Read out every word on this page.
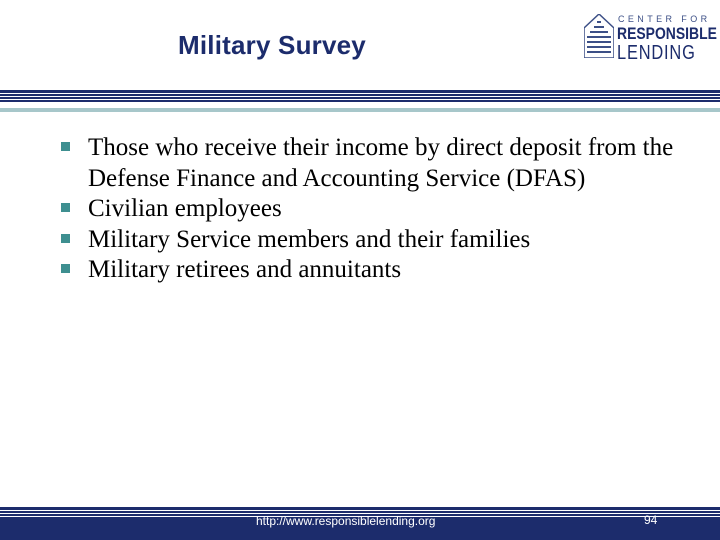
Military Survey
CENTER FOR
RESPONSIBLE
LENDING
Those who receive their income by direct deposit from the Defense Finance and Accounting Service (DFAS)
Civilian employees
Military Service members and their families
Military retirees and annuitants
http://www.responsiblelending.org	94
